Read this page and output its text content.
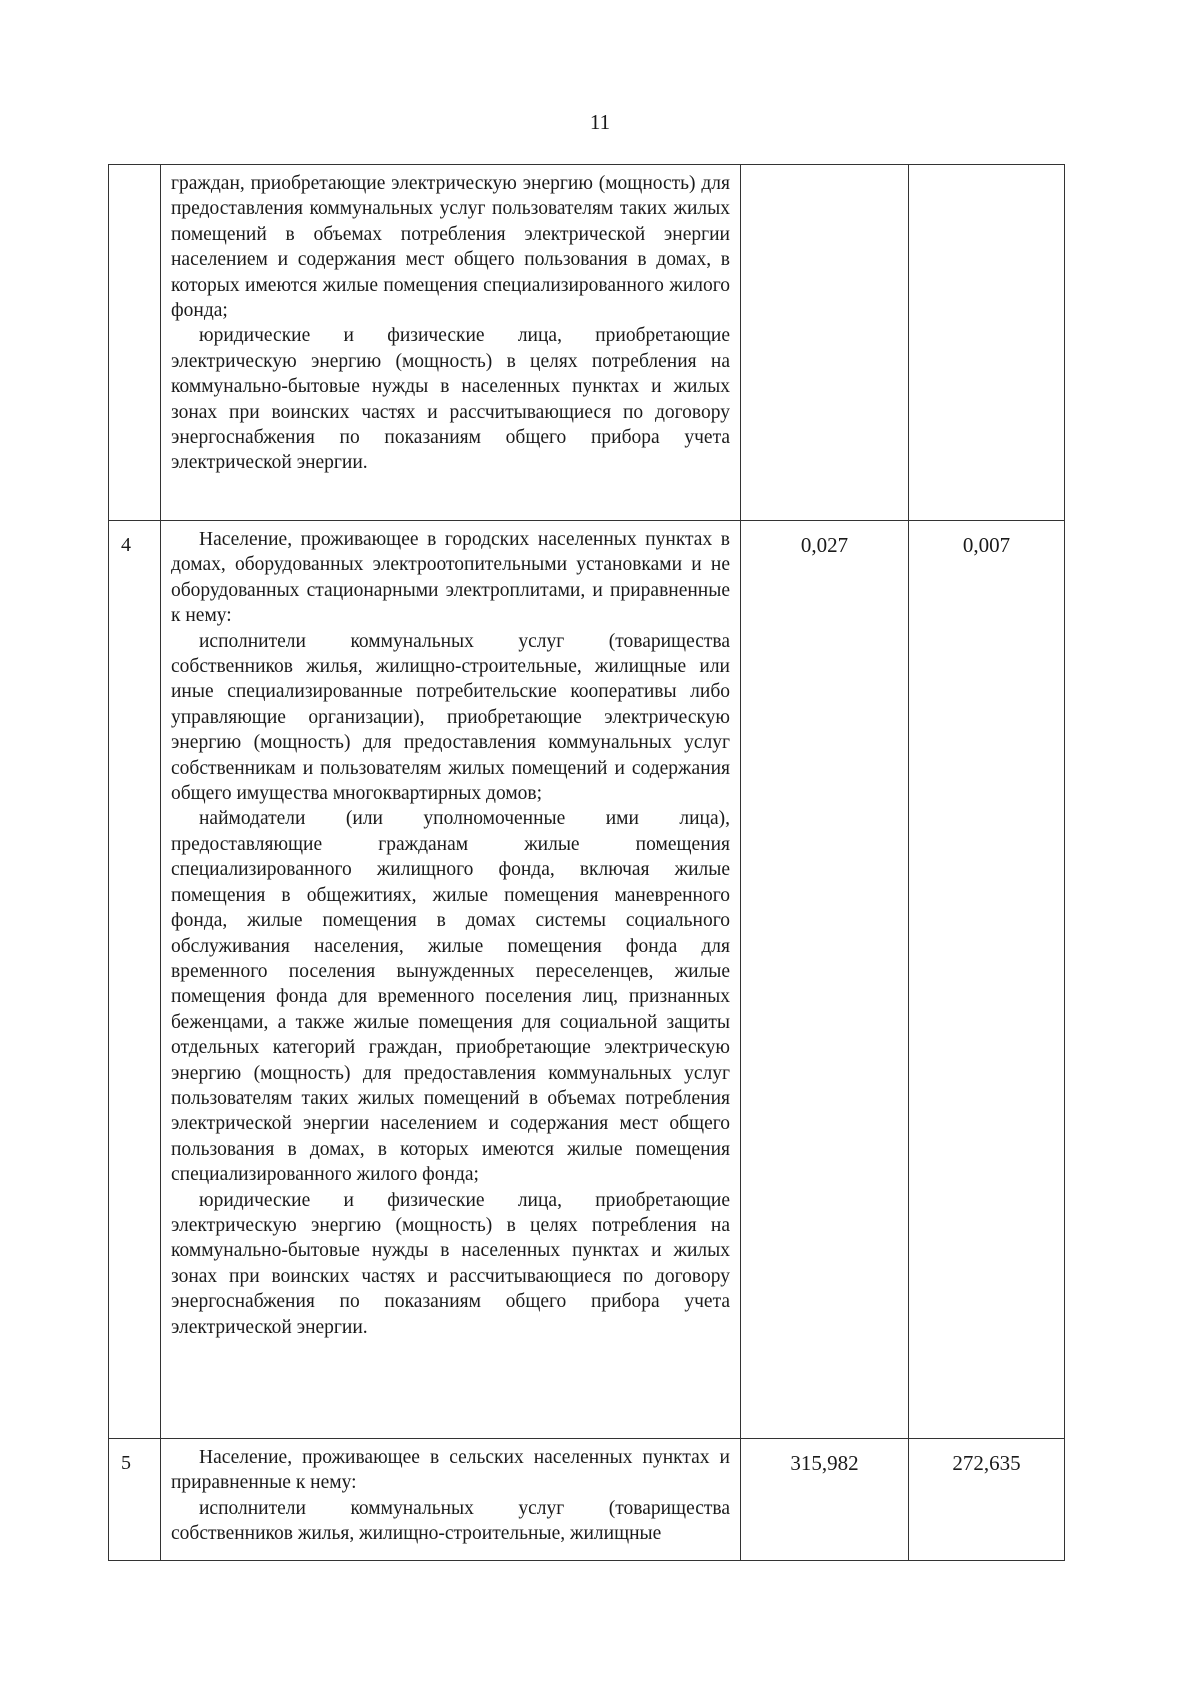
11

	граждан, приобретающие электрическую энергию (мощность) для предоставления коммунальных услуг пользователям таких жилых помещений в объемах потребления электрической энергии населением и содержания мест общего пользования в домах, в которых имеются жилые помещения специализированного жилого фонда;

юридические и физические лица, приобретающие электрическую энергию (мощность) в целях потребления на коммунально-бытовые нужды в населенных пунктах и жилых зонах при воинских частях и рассчитывающиеся по договору энергоснабжения по показаниям общего прибора учета электрической энергии.		

4	Население, проживающее в городских населенных пунктах в домах, оборудованных электроотопительными установками и не оборудованных стационарными электроплитами, и приравненные к нему:

исполнители коммунальных услуг (товарищества собственников жилья, жилищно-строительные, жилищные или иные специализированные потребительские кооперативы либо управляющие организации), приобретающие электрическую энергию (мощность) для предоставления коммунальных услуг собственникам и пользователям жилых помещений и содержания общего имущества многоквартирных домов;

наймодатели (или уполномоченные ими лица), предоставляющие гражданам жилые помещения специализированного жилищного фонда, включая жилые помещения в общежитиях, жилые помещения маневренного фонда, жилые помещения в домах системы социального обслуживания населения, жилые помещения фонда для временного поселения вынужденных переселенцев, жилые помещения фонда для временного поселения лиц, признанных беженцами, а также жилые помещения для социальной защиты отдельных категорий граждан, приобретающие электрическую энергию (мощность) для предоставления коммунальных услуг пользователям таких жилых помещений в объемах потребления электрической энергии населением и содержания мест общего пользования в домах, в которых имеются жилые помещения специализированного жилого фонда;

юридические и физические лица, приобретающие электрическую энергию (мощность) в целях потребления на коммунально-бытовые нужды в населенных пунктах и жилых зонах при воинских частях и рассчитывающиеся по договору энергоснабжения по показаниям общего прибора учета электрической энергии.	0,027	0,007
5	Население, проживающее в сельских населенных пунктах и приравненные к нему:

исполнители коммунальных услуг (товарищества собственников жилья, жилищно-строительные, жилищные	315,982	272,635
